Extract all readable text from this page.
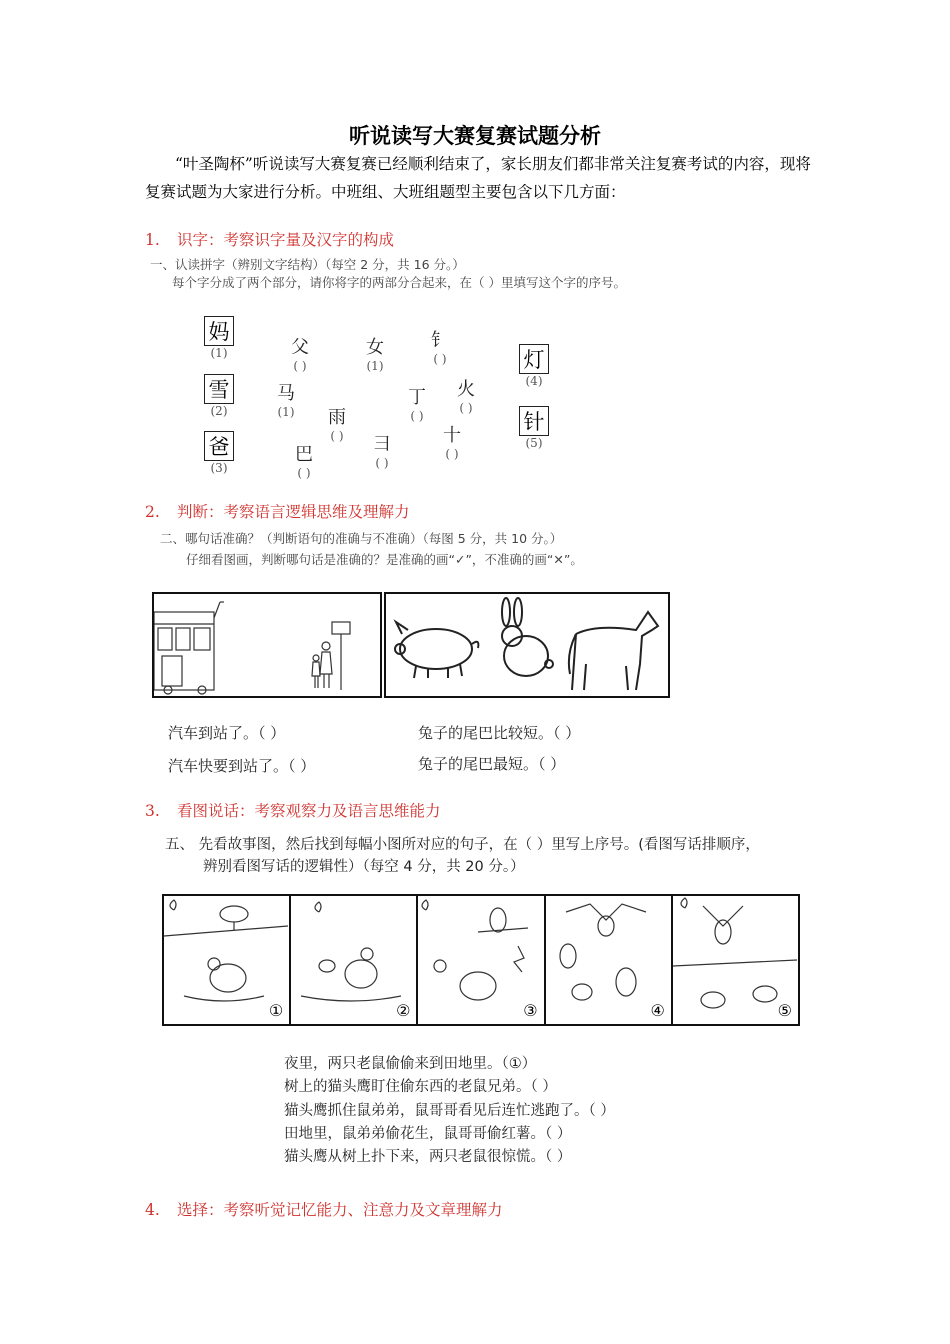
听说读写大赛复赛试题分析
“叶圣陶杯”听说读写大赛复赛已经顺利结束了，家长朋友们都非常关注复赛考试的内容，现将复赛试题为大家进行分析。中班组、大班组题型主要包含以下几方面：
1. 识字：考察识字量及汉字的构成
一、认读拼字（辨别文字结构）（每空 2 分，共 16 分。）
每个字分成了两个部分，请你将字的两部分合起来，在（ ）里填写这个字的序号。
妈
(1)
雪
(2)
爸
(3)
灯
(4)
针
(5)
父
( )
女
(1)
钅
( )
马
(1)
丁
( )
火
( )
雨
( )	十
( )
彐
( )
巴
( )
2. 判断：考察语言逻辑思维及理解力
二、哪句话准确？（判断语句的准确与不准确）（每图 5 分，共 10 分。）
仔细看图画，判断哪句话是准确的？是准确的画“✓”，不准确的画“✕”。
汽车到站了。（ ）
汽车快要到站了。（ ）
兔子的尾巴比较短。（ ）
兔子的尾巴最短。（ ）
3. 看图说话：考察观察力及语言思维能力
五、 先看故事图，然后找到每幅小图所对应的句子，在（ ）里写上序号。(看图写话排顺序，
辨别看图写话的逻辑性）（每空 4 分，共 20 分。）
①	②	③	④	⑤
夜里，两只老鼠偷偷来到田地里。（①）
树上的猫头鹰盯住偷东西的老鼠兄弟。（ ）
猫头鹰抓住鼠弟弟，鼠哥哥看见后连忙逃跑了。（ ）
田地里，鼠弟弟偷花生，鼠哥哥偷红薯。（ ）
猫头鹰从树上扑下来，两只老鼠很惊慌。（ ）
4. 选择：考察听觉记忆能力、注意力及文章理解力
